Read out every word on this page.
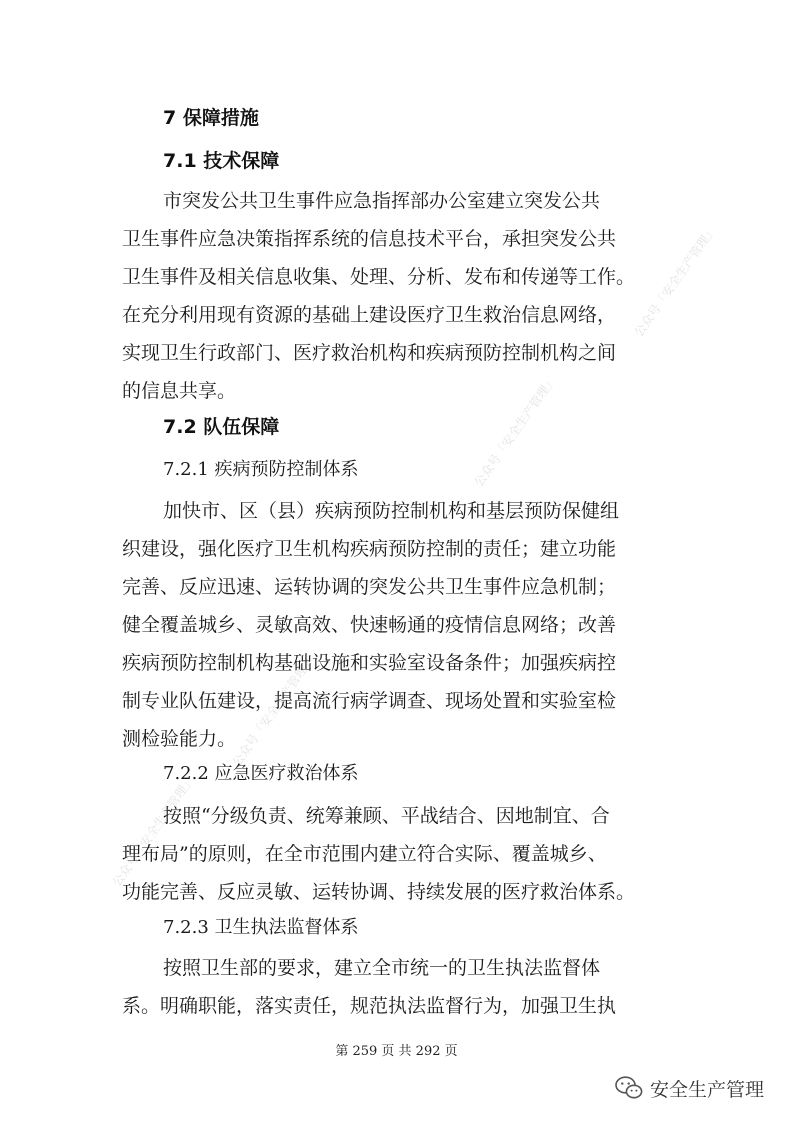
7 保障措施
7.1 技术保障
市突发公共卫生事件应急指挥部办公室建立突发公共
卫生事件应急决策指挥系统的信息技术平台，承担突发公共
卫生事件及相关信息收集、处理、分析、发布和传递等工作。
在充分利用现有资源的基础上建设医疗卫生救治信息网络，
实现卫生行政部门、医疗救治机构和疾病预防控制机构之间
的信息共享。
7.2 队伍保障
7.2.1 疾病预防控制体系
加快市、区（县）疾病预防控制机构和基层预防保健组
织建设，强化医疗卫生机构疾病预防控制的责任；建立功能
完善、反应迅速、运转协调的突发公共卫生事件应急机制；
健全覆盖城乡、灵敏高效、快速畅通的疫情信息网络；改善
疾病预防控制机构基础设施和实验室设备条件；加强疾病控
制专业队伍建设，提高流行病学调查、现场处置和实验室检
测检验能力。
7.2.2 应急医疗救治体系
按照“分级负责、统筹兼顾、平战结合、因地制宜、合
理布局”的原则，在全市范围内建立符合实际、覆盖城乡、
功能完善、反应灵敏、运转协调、持续发展的医疗救治体系。
7.2.3 卫生执法监督体系
按照卫生部的要求，建立全市统一的卫生执法监督体
系。明确职能，落实责任，规范执法监督行为，加强卫生执
第 259 页 共 292 页
安全生产管理
公众号「安全生产管理」
公众号「安全生产管理」
公众号「安全生产管理」
公众号「安全生产管理」
